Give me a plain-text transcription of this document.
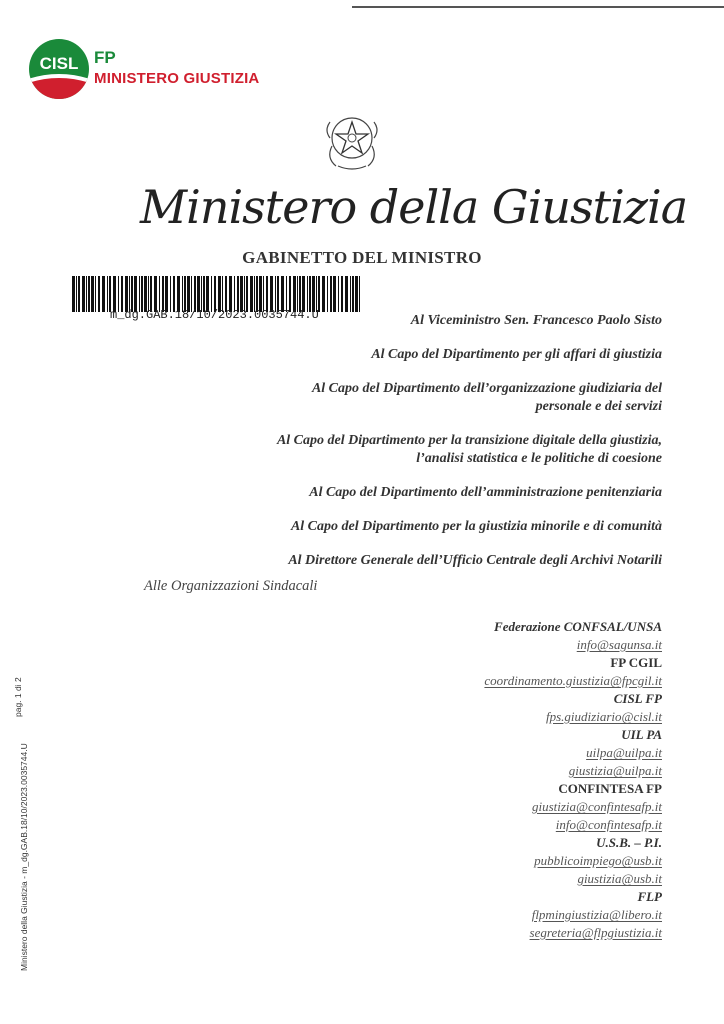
CISL FP
MINISTERO GIUSTIZIA
Ministero della Giustizia
GABINETTO DEL MINISTRO
m_dg.GAB.18/10/2023.0035744.U	Al Viceministro Sen. Francesco Paolo Sisto
Al Capo del Dipartimento per gli affari di giustizia
Al Capo del Dipartimento dell’organizzazione giudiziaria del
personale e dei servizi
Al Capo del Dipartimento per la transizione digitale della giustizia,
l’analisi statistica e le politiche di coesione
Al Capo del Dipartimento dell’amministrazione penitenziaria
Al Capo del Dipartimento per la giustizia minorile e di comunità
Al Direttore Generale dell’Ufficio Centrale degli Archivi Notarili
Alle Organizzazioni Sindacali
Federazione CONFSAL/UNSA
info@sagunsa.it
FP CGIL
coordinamento.giustizia@fpcgil.it
CISL FP
fps.giudiziario@cisl.it
UIL PA
uilpa@uilpa.it
giustizia@uilpa.it
CONFINTESA FP
giustizia@confintesafp.it
info@confintesafp.it
U.S.B. – P.I.
pubblicoimpiego@usb.it
giustizia@usb.it
FLP
flpmingiustizia@libero.it
segreteria@flpgiustizia.it
Ministero della Giustizia - m_dg.GAB.18/10/2023.0035744.U
pag. 1 di 2
